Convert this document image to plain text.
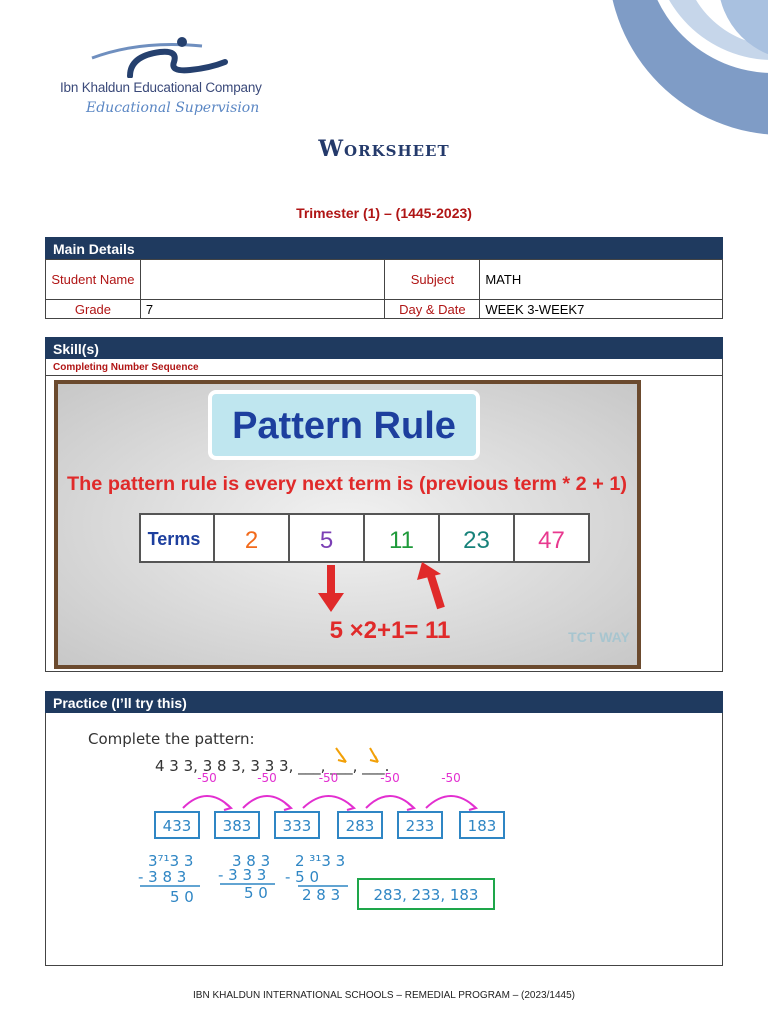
Ibn Khaldun Educational Company
Educational Supervision
Worksheet
Trimester (1) – (1445-2023)
Main Details
Student Name		Subject	MATH
Grade	7	Day & Date	WEEK 3-WEEK7
Skill(s)
Completing Number Sequence
Pattern Rule
The pattern rule is every next term is (previous term * 2 + 1)
Terms 2	5 11 23 47
5 ×2+1= 11	TCT WAY
Practice (I’ll try this)
Complete the pattern:
4 3 3, 3 8 3, 3 3 3, ___, ___, ___.
-50	-50	-50	-50	-50
433 383 333 283 233 183
3⁷¹3 3
- 3 8 3
5 0
3 8 3
- 3 3 3
5 0
2 ³¹3 3
- 5 0
2 8 3 283, 233, 183
IBN KHALDUN INTERNATIONAL SCHOOLS – REMEDIAL PROGRAM – (2023/1445)
